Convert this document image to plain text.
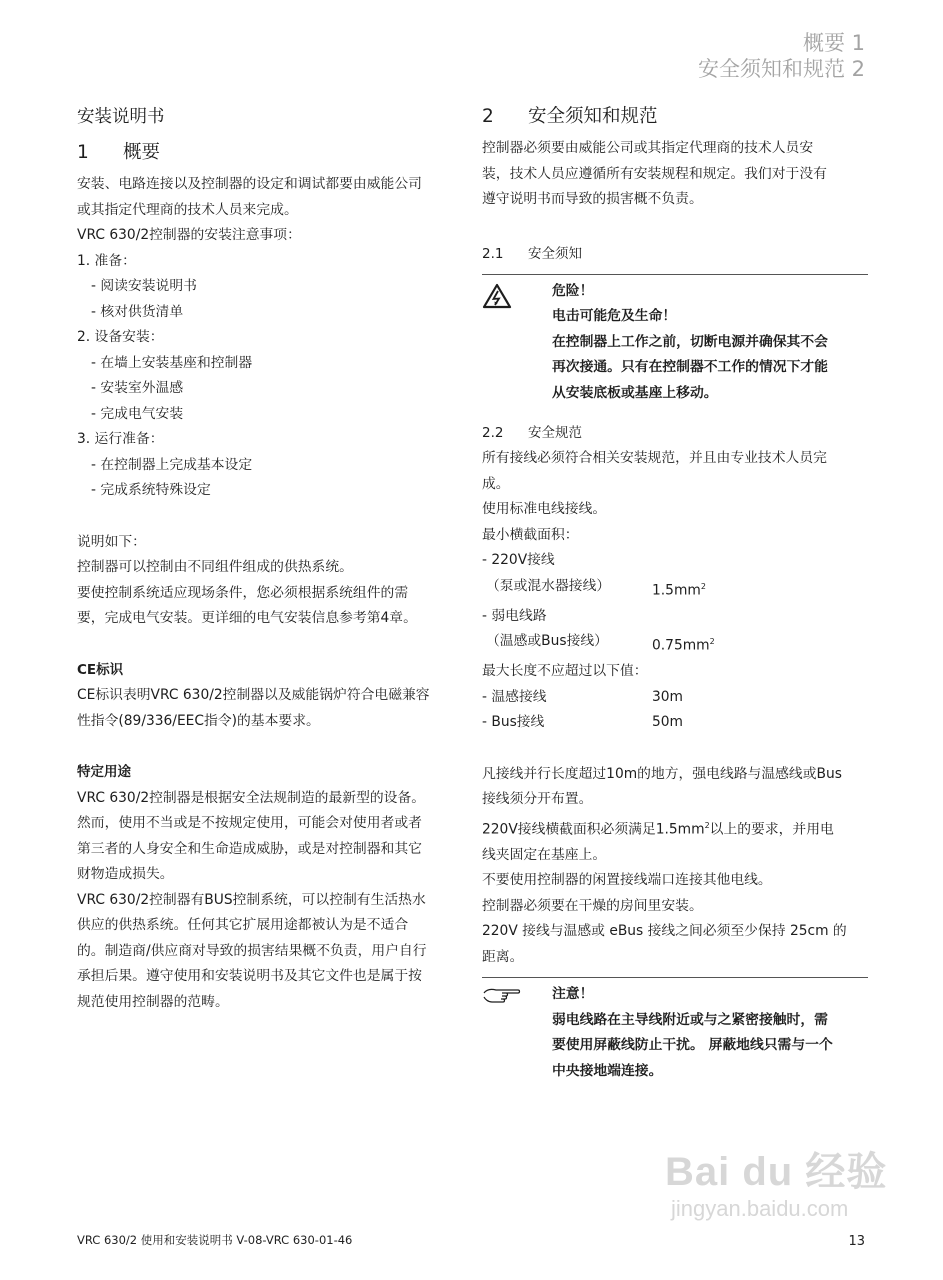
概要 1
安全须知和规范 2
安装说明书
1	概要

安装、电路连接以及控制器的设定和调试都要由威能公司

或其指定代理商的技术人员来完成。

VRC 630/2控制器的安装注意事项：

1. 准备：

- 阅读安装说明书

- 核对供货清单

2. 设备安装：

- 在墙上安装基座和控制器

- 安装室外温感

- 完成电气安装

3. 运行准备：

- 在控制器上完成基本设定

- 完成系统特殊设定

说明如下：

控制器可以控制由不同组件组成的供热系统。

要使控制系统适应现场条件，您必须根据系统组件的需

要，完成电气安装。更详细的电气安装信息参考第4章。

CE标识

CE标识表明VRC 630/2控制器以及威能锅炉符合电磁兼容

性指令(89/336/EEC指令)的基本要求。

特定用途

VRC 630/2控制器是根据安全法规制造的最新型的设备。

然而，使用不当或是不按规定使用，可能会对使用者或者

第三者的人身安全和生命造成威胁，或是对控制器和其它

财物造成损失。

VRC 630/2控制器有BUS控制系统，可以控制有生活热水

供应的供热系统。任何其它扩展用途都被认为是不适合

的。制造商/供应商对导致的损害结果概不负责，用户自行

承担后果。遵守使用和安装说明书及其它文件也是属于按

规范使用控制器的范畴。

2	安全须知和规范

控制器必须要由威能公司或其指定代理商的技术人员安

装，技术人员应遵循所有安装规程和规定。我们对于没有

遵守说明书而导致的损害概不负责。

2.1	安全须知
危险！
电击可能危及生命！
在控制器上工作之前，切断电源并确保其不会
再次接通。只有在控制器不工作的情况下才能
从安装底板或基座上移动。
2.2	安全规范

所有接线必须符合相关安装规范，并且由专业技术人员完

成。

使用标准电线接线。

最小横截面积：

- 220V接线

（泵或混水器接线）	$1.5mm^2$

- 弱电线路

（温感或Bus接线）	$0.75mm^2$

最大长度不应超过以下值：

- 温感接线	30m
- Bus接线	50m

凡接线并行长度超过10m的地方，强电线路与温感线或Bus

接线须分开布置。

220V接线横截面积必须满足$1.5mm^2$以上的要求，并用电

线夹固定在基座上。

不要使用控制器的闲置接线端口连接其他电线。

控制器必须要在干燥的房间里安装。

220V 接线与温感或 eBus 接线之间必须至少保持 25cm 的

距离。

注意！
弱电线路在主导线附近或与之紧密接触时，需
要使用屏蔽线防止干扰。 屏蔽地线只需与一个
中央接地端连接。
Bai du 经验
jingyan.baidu.com
VRC 630/2 使用和安装说明书 V-08-VRC 630-01-46	13
